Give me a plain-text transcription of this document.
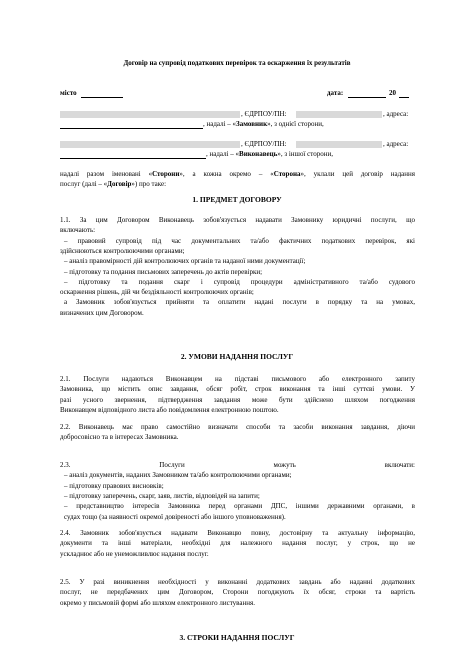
Договір на супровід податкових перевірок та оскарження їх результатів
місто	дата:	20
, ЄДРПОУ/ПН:	, адреса:
, надалі – «Замовник», з однієї сторони,
, ЄДРПОУ/ПН:	, адреса:
, надалі – «Виконавець», з іншої сторони,
надалі разом іменовані «Сторони», а кожна окремо – «Сторона», уклали цей договір надання
послуг (далі – «Договір») про таке:
1. ПРЕДМЕТ ДОГОВОРУ
1.1. За цим Договором Виконавець зобов'язується надавати Замовнику юридичні послуги, що
включають:
– правовий супровід під час документальних та/або фактичних податкових перевірок, які
здійснюються контролюючими органами;
– аналіз правомірності дій контролюючих органів та наданої ними документації;
– підготовку та подання письмових заперечень до актів перевірки;
– підготовку та подання скарг і супровід процедури адміністративного та/або судового
оскарження рішень, дій чи бездіяльності контролюючих органів;
а Замовник зобов'язується прийняти та оплатити надані послуги в порядку та на умовах,
визначених цим Договором.
2. УМОВИ НАДАННЯ ПОСЛУГ
2.1. Послуги надаються Виконавцем на підставі письмового або електронного запиту
Замовника, що містить опис завдання, обсяг робіт, строк виконання та інші суттєві умови. У
разі усного звернення, підтвердження завдання може бути здійснено шляхом погодження
Виконавцем відповідного листа або повідомлення електронною поштою.
2.2. Виконавець має право самостійно визначати способи та засоби виконання завдання, діючи
добросовісно та в інтересах Замовника.
2.3. Послуги можуть включати:
– аналіз документів, наданих Замовником та/або контролюючими органами;
– підготовку правових висновків;
– підготовку заперечень, скарг, заяв, листів, відповідей на запити;
– представництво інтересів Замовника перед органами ДПС, іншими державними органами, в
судах тощо (за наявності окремої довіреності або іншого уповноваження).
2.4. Замовник зобов'язується надавати Виконавцю повну, достовірну та актуальну інформацію,
документи та інші матеріали, необхідні для належного надання послуг, у строк, що не
ускладнює або не унеможливлює надання послуг.
2.5. У разі виникнення необхідності у виконанні додаткових завдань або наданні додаткових
послуг, не передбачених цим Договором, Сторони погоджують їх обсяг, строки та вартість
окремо у письмовій формі або шляхом електронного листування.
3. СТРОКИ НАДАННЯ ПОСЛУГ
